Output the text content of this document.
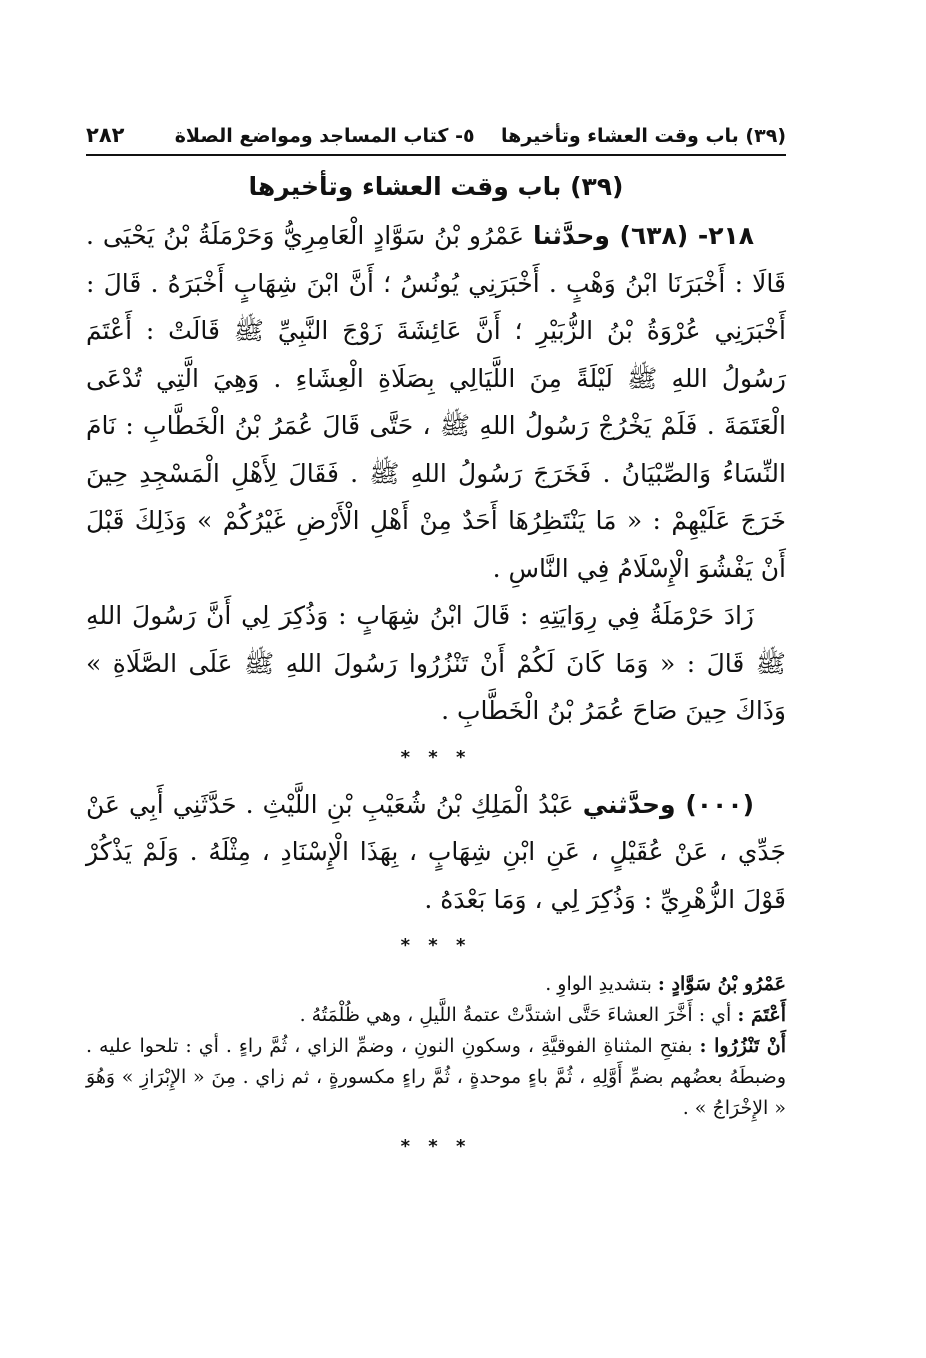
(٣٩) باب وقت العشاء وتأخيرها    ٥- كتاب المساجد ومواضع الصلاة
٢٨٢
(٣٩) باب وقت العشاء وتأخيرها

٢١٨- (٦٣٨) وحدَّثنا عَمْرُو بْنُ سَوَّادٍ الْعَامِرِيُّ وَحَرْمَلَةُ بْنُ يَحْيَى . قَالَا : أَخْبَرَنَا ابْنُ وَهْبٍ . أَخْبَرَنِي يُونُسُ ؛ أَنَّ ابْنَ شِهَابٍ أَخْبَرَهُ . قَالَ : أَخْبَرَنِي عُرْوَةُ بْنُ الزُّبَيْرِ ؛ أَنَّ عَائِشَةَ زَوْجَ النَّبِيِّ ﷺ قَالَتْ : أَعْتَمَ رَسُولُ اللهِ ﷺ لَيْلَةً مِنَ اللَّيَالِي بِصَلَاةِ الْعِشَاءِ . وَهِيَ الَّتِي تُدْعَى الْعَتَمَةَ . فَلَمْ يَخْرُجْ رَسُولُ اللهِ ﷺ ، حَتَّى قَالَ عُمَرُ بْنُ الْخَطَّابِ : نَامَ النِّسَاءُ وَالصِّبْيَانُ . فَخَرَجَ رَسُولُ اللهِ ﷺ . فَقَالَ لِأَهْلِ الْمَسْجِدِ حِينَ خَرَجَ عَلَيْهِمْ : « مَا يَنْتَظِرُهَا أَحَدٌ مِنْ أَهْلِ الْأَرْضِ غَيْرُكُمْ » وَذَلِكَ قَبْلَ أَنْ يَفْشُوَ الْإِسْلَامُ فِي النَّاسِ .

زَادَ حَرْمَلَةُ فِي رِوَايَتِهِ : قَالَ ابْنُ شِهَابٍ : وَذُكِرَ لِي أَنَّ رَسُولَ اللهِ ﷺ قَالَ : « وَمَا كَانَ لَكُمْ أَنْ تَنْزُرُوا رَسُولَ اللهِ ﷺ عَلَى الصَّلَاةِ » وَذَاكَ حِينَ صَاحَ عُمَرُ بْنُ الْخَطَّابِ .

* * *

(٠٠٠) وحدَّثني عَبْدُ الْمَلِكِ بْنُ شُعَيْبِ بْنِ اللَّيْثِ . حَدَّثَنِي أَبِي عَنْ جَدِّي ، عَنْ عُقَيْلٍ ، عَنِ ابْنِ شِهَابٍ ، بِهَذَا الْإِسْنَادِ ، مِثْلَهُ . وَلَمْ يَذْكُرْ قَوْلَ الزُّهْرِيِّ : وَذُكِرَ لِي ، وَمَا بَعْدَهُ .

* * *

عَمْرُو بْنُ سَوَّادٍ : بتشديدِ الواوِ .

أَعْتَمَ : أي : أَخَّرَ العشاءَ حَتَّى اشتدَّتْ عتمةُ اللَّيلِ ، وهي ظُلْمَتُهُ .

أَنْ تَنْزُرُوا : بفتحِ المثناةِ الفوقيَّةِ ، وسكونِ النونِ ، وضمِّ الزاي ، ثُمَّ راءٍ . أي : تلحوا عليه . وضبطَهُ بعضُهم بضمِّ أَوَّلِهِ ، ثُمَّ باءٍ موحدةٍ ، ثُمَّ راءٍ مكسورةٍ ، ثم زاي . مِنَ « الإِبْرَازِ » وَهُوَ « الإِخْرَاجُ » .

* * *
